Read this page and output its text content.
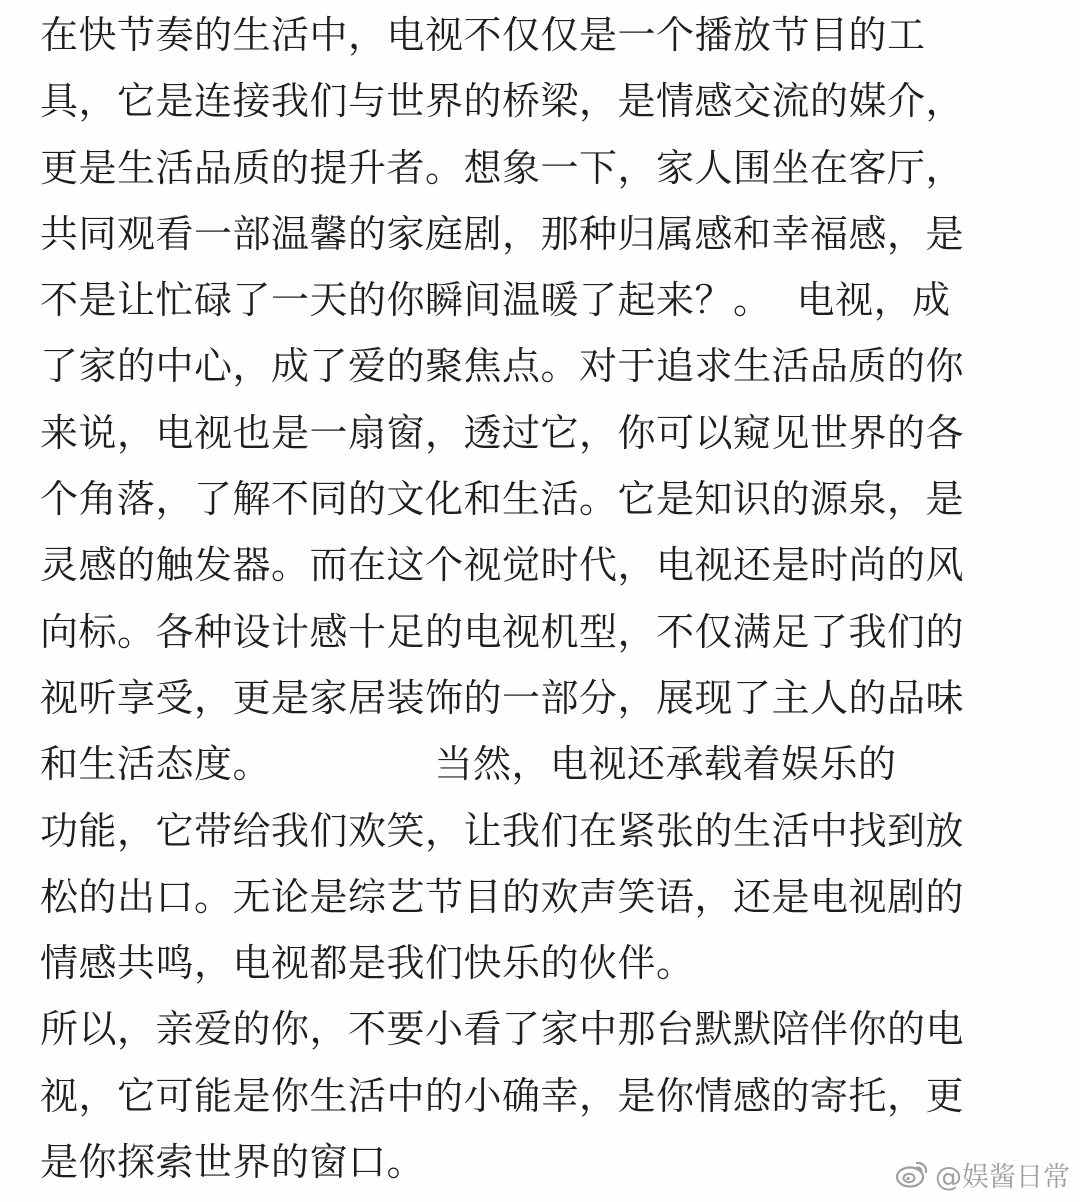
在快节奏的生活中，电视不仅仅是一个播放节目的工
具，它是连接我们与世界的桥梁，是情感交流的媒介，
更是生活品质的提升者。想象一下，家人围坐在客厅，
共同观看一部温馨的家庭剧，那种归属感和幸福感，是
不是让忙碌了一天的你瞬间温暖了起来？。  电视，成
了家的中心，成了爱的聚焦点。对于追求生活品质的你
来说，电视也是一扇窗，透过它，你可以窥见世界的各
个角落，了解不同的文化和生活。它是知识的源泉，是
灵感的触发器。而在这个视觉时代，电视还是时尚的风
向标。各种设计感十足的电视机型，不仅满足了我们的
视听享受，更是家居装饰的一部分，展现了主人的品味
和生活态度。             当然，电视还承载着娱乐的
功能，它带给我们欢笑，让我们在紧张的生活中找到放
松的出口。无论是综艺节目的欢声笑语，还是电视剧的
情感共鸣，电视都是我们快乐的伙伴。
所以，亲爱的你，不要小看了家中那台默默陪伴你的电
视，它可能是你生活中的小确幸，是你情感的寄托，更
是你探索世界的窗口。	@娱酱日常
